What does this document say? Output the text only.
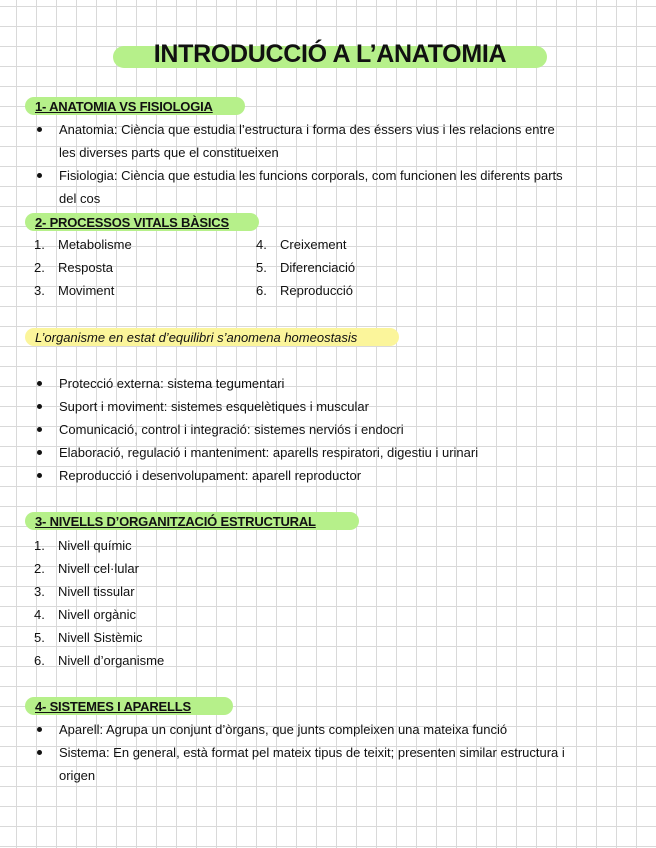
INTRODUCCIÓ A L’ANATOMIA
1- ANATOMIA VS FISIOLOGIA
Anatomia: Ciència que estudia l’estructura i forma des éssers vius i les relacions entre
les diverses parts que el constitueixen
Fisiologia: Ciència que estudia les funcions corporals, com funcionen les diferents parts
del cos
2- PROCESSOS VITALS BÀSICS
1. Metabolisme
2. Resposta
3. Moviment
4. Creixement
5. Diferenciació
6. Reproducció
L’organisme en estat d’equilibri s’anomena homeostasis
Protecció externa: sistema tegumentari
Suport i moviment: sistemes esquelètiques i muscular
Comunicació, control i integració: sistemes nerviós i endocri
Elaboració, regulació i manteniment: aparells respiratori, digestiu i urinari
Reproducció i desenvolupament: aparell reproductor
3- NIVELLS D’ORGANITZACIÓ ESTRUCTURAL
1. Nivell químic
2. Nivell cel·lular
3. Nivell tissular
4. Nivell orgànic
5. Nivell Sistèmic
6. Nivell d’organisme
4- SISTEMES I APARELLS
Aparell: Agrupa un conjunt d’òrgans, que junts compleixen una mateixa funció
Sistema: En general, està format pel mateix tipus de teixit; presenten similar estructura i
origen
